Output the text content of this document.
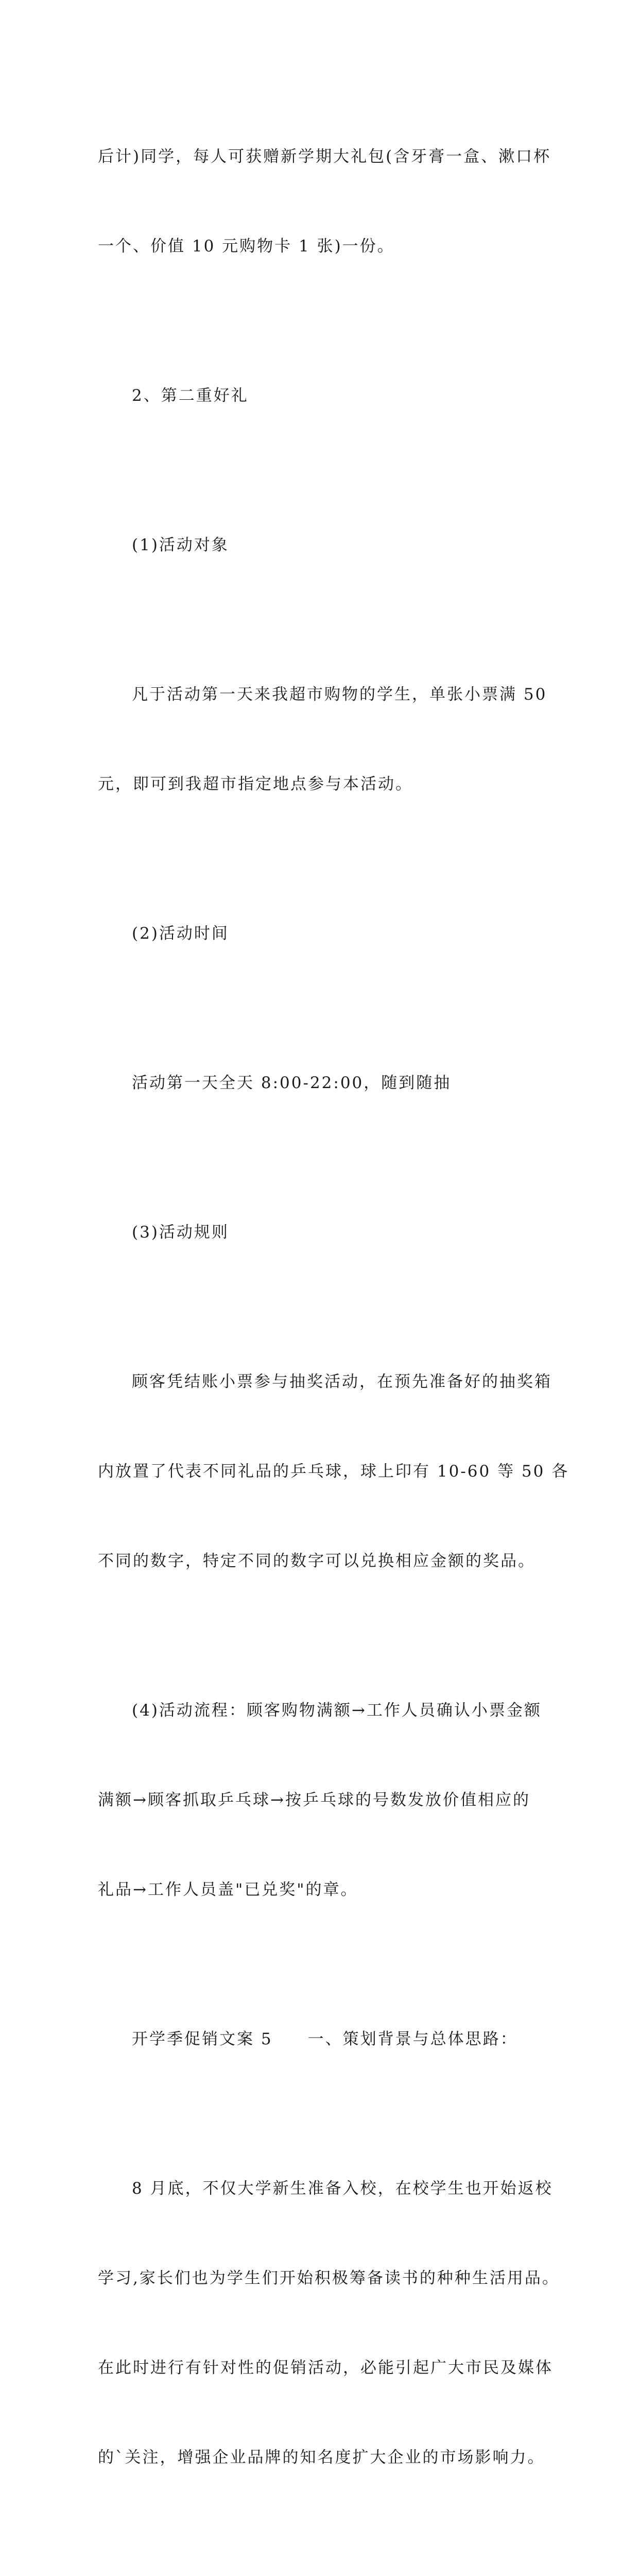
后计)同学，每人可获赠新学期大礼包(含牙膏一盒、漱口杯

一个、价值 10 元购物卡 1 张)一份。

2、第二重好礼

(1)活动对象

凡于活动第一天来我超市购物的学生，单张小票满 50

元，即可到我超市指定地点参与本活动。

(2)活动时间

活动第一天全天 8:00-22:00，随到随抽

(3)活动规则

顾客凭结账小票参与抽奖活动，在预先准备好的抽奖箱

内放置了代表不同礼品的乒乓球，球上印有 10-60 等 50 各

不同的数字，特定不同的数字可以兑换相应金额的奖品。

(4)活动流程：顾客购物满额→工作人员确认小票金额

满额→顾客抓取乒乓球→按乒乓球的号数发放价值相应的

礼品→工作人员盖"已兑奖"的章。

开学季促销文案 5　　一、策划背景与总体思路：

8 月底，不仅大学新生准备入校，在校学生也开始返校

学习,家长们也为学生们开始积极筹备读书的种种生活用品。

在此时进行有针对性的促销活动，必能引起广大市民及媒体

的`关注，增强企业品牌的知名度扩大企业的市场影响力。
